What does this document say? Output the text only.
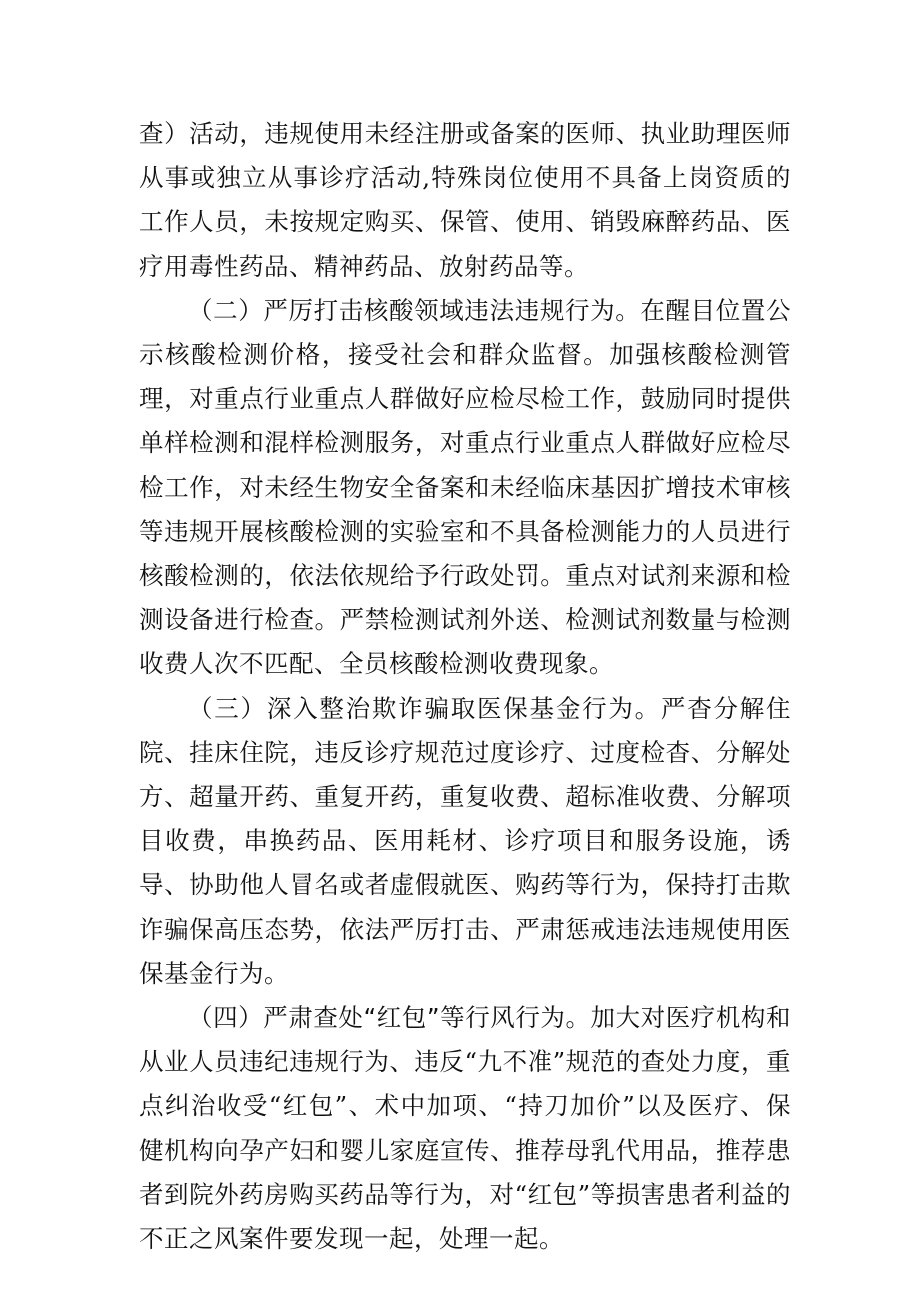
查）活动，违规使用未经注册或备案的医师、执业助理医师从事或独立从事诊疗活动,特殊岗位使用不具备上岗资质的工作人员，未按规定购买、保管、使用、销毁麻醉药品、医疗用毒性药品、精神药品、放射药品等。

（二）严厉打击核酸领域违法违规行为。在醒目位置公示核酸检测价格，接受社会和群众监督。加强核酸检测管理，对重点行业重点人群做好应检尽检工作，鼓励同时提供单样检测和混样检测服务，对重点行业重点人群做好应检尽检工作，对未经生物安全备案和未经临床基因扩增技术审核等违规开展核酸检测的实验室和不具备检测能力的人员进行核酸检测的，依法依规给予行政处罚。重点对试剂来源和检测设备进行检查。严禁检测试剂外送、检测试剂数量与检测收费人次不匹配、全员核酸检测收费现象。

（三）深入整治欺诈骗取医保基金行为。严杳分解住院、挂床住院，违反诊疗规范过度诊疗、过度检杳、分解处方、超量开药、重复开药，重复收费、超标准收费、分解项目收费，串换药品、医用耗材、诊疗项目和服务设施，诱导、协助他人冒名或者虚假就医、购药等行为，保持打击欺诈骗保高压态势，依法严厉打击、严肃惩戒违法违规使用医保基金行为。

（四）严肃查处“红包”等行风行为。加大对医疗机构和从业人员违纪违规行为、违反“九不准”规范的查处力度，重点纠治收受“红包”、术中加项、“持刀加价”以及医疗、保健机构向孕产妇和婴儿家庭宣传、推荐母乳代用品，推荐患者到院外药房购买药品等行为，对“红包”等损害患者利益的不正之风案件要发现一起，处理一起。
